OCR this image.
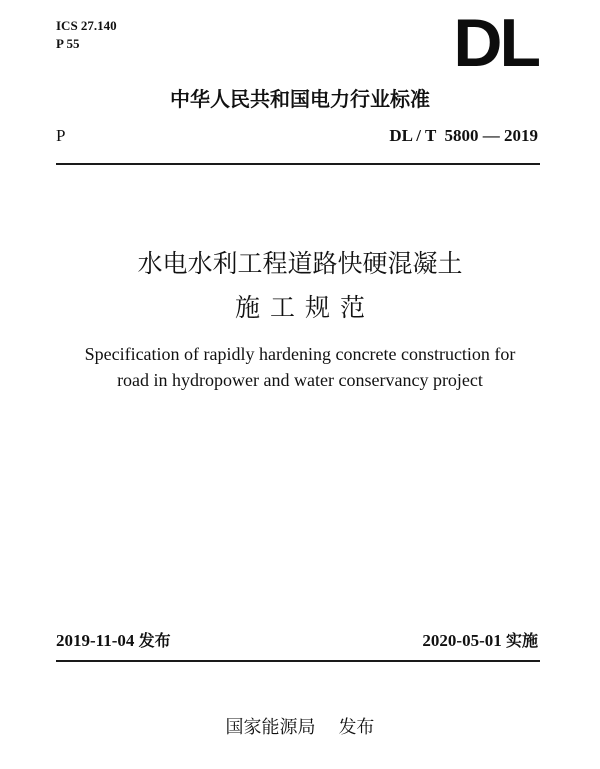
ICS 27.140
P 55	DL
中华人民共和国电力行业标准
P	DL / T  5800 — 2019
水电水利工程道路快硬混凝土
施工规范
Specification of rapidly hardening concrete construction for
road in hydropower and water conservancy project
2019-11-04 发布	2020-05-01 实施
国家能源局 发布
